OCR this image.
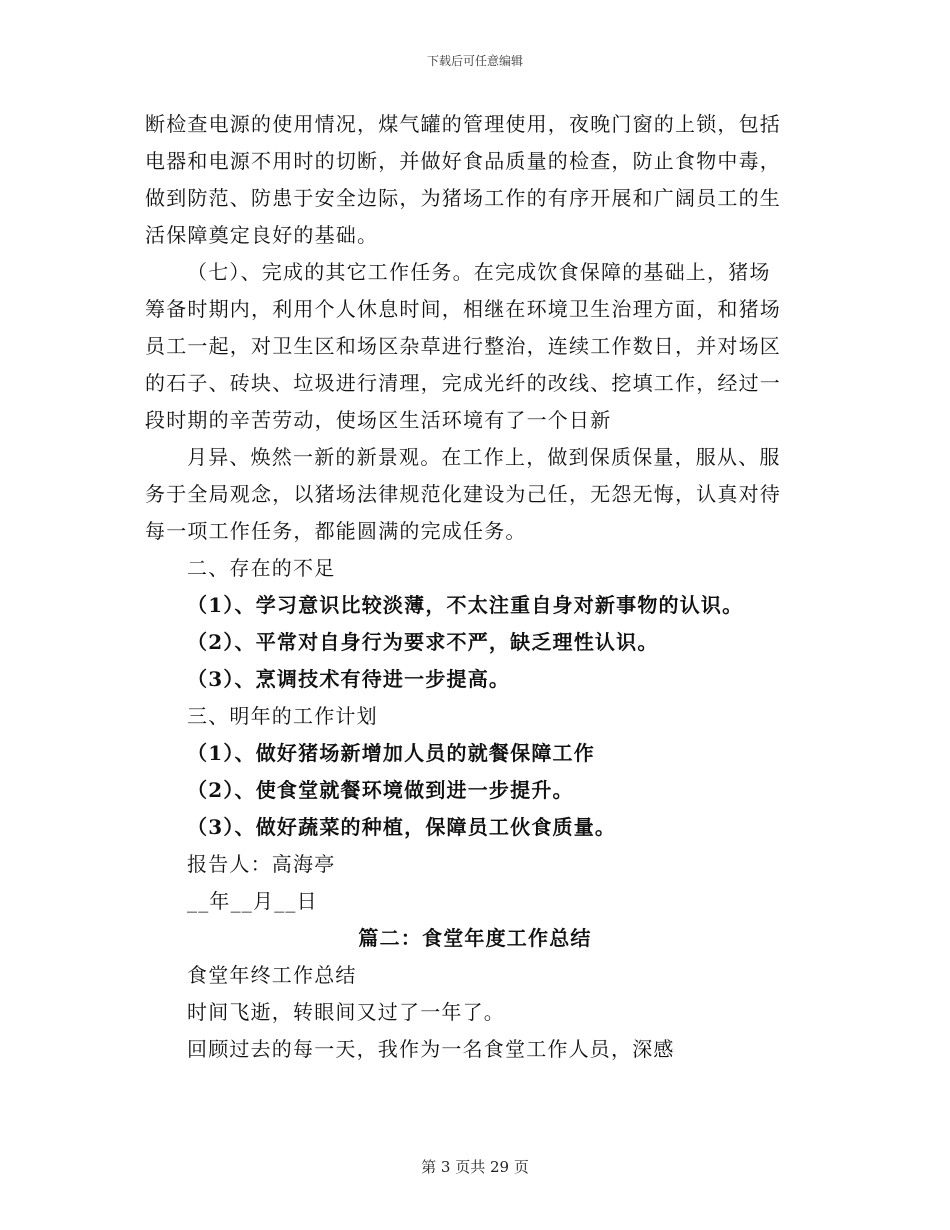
下载后可任意编辑

断检查电源的使用情况，煤气罐的管理使用，夜晚门窗的上锁，包括

电器和电源不用时的切断，并做好食品质量的检查，防止食物中毒，

做到防范、防患于安全边际，为猪场工作的有序开展和广阔员工的生

活保障奠定良好的基础。

（七）、完成的其它工作任务。在完成饮食保障的基础上，猪场

筹备时期内，利用个人休息时间，相继在环境卫生治理方面，和猪场

员工一起，对卫生区和场区杂草进行整治，连续工作数日，并对场区

的石子、砖块、垃圾进行清理，完成光纤的改线、挖填工作，经过一

段时期的辛苦劳动，使场区生活环境有了一个日新

月异、焕然一新的新景观。在工作上，做到保质保量，服从、服

务于全局观念，以猪场法律规范化建设为己任，无怨无悔，认真对待

每一项工作任务，都能圆满的完成任务。

二、存在的不足

（1）、学习意识比较淡薄，不太注重自身对新事物的认识。

（2）、平常对自身行为要求不严，缺乏理性认识。

（3）、烹调技术有待进一步提高。

三、明年的工作计划

（1）、做好猪场新增加人员的就餐保障工作

（2）、使食堂就餐环境做到进一步提升。

（3）、做好蔬菜的种植，保障员工伙食质量。

报告人：高海亭

__年__月__日

篇二：食堂年度工作总结

食堂年终工作总结

时间飞逝，转眼间又过了一年了。

回顾过去的每一天，我作为一名食堂工作人员，深感

第 3 页共 29 页
